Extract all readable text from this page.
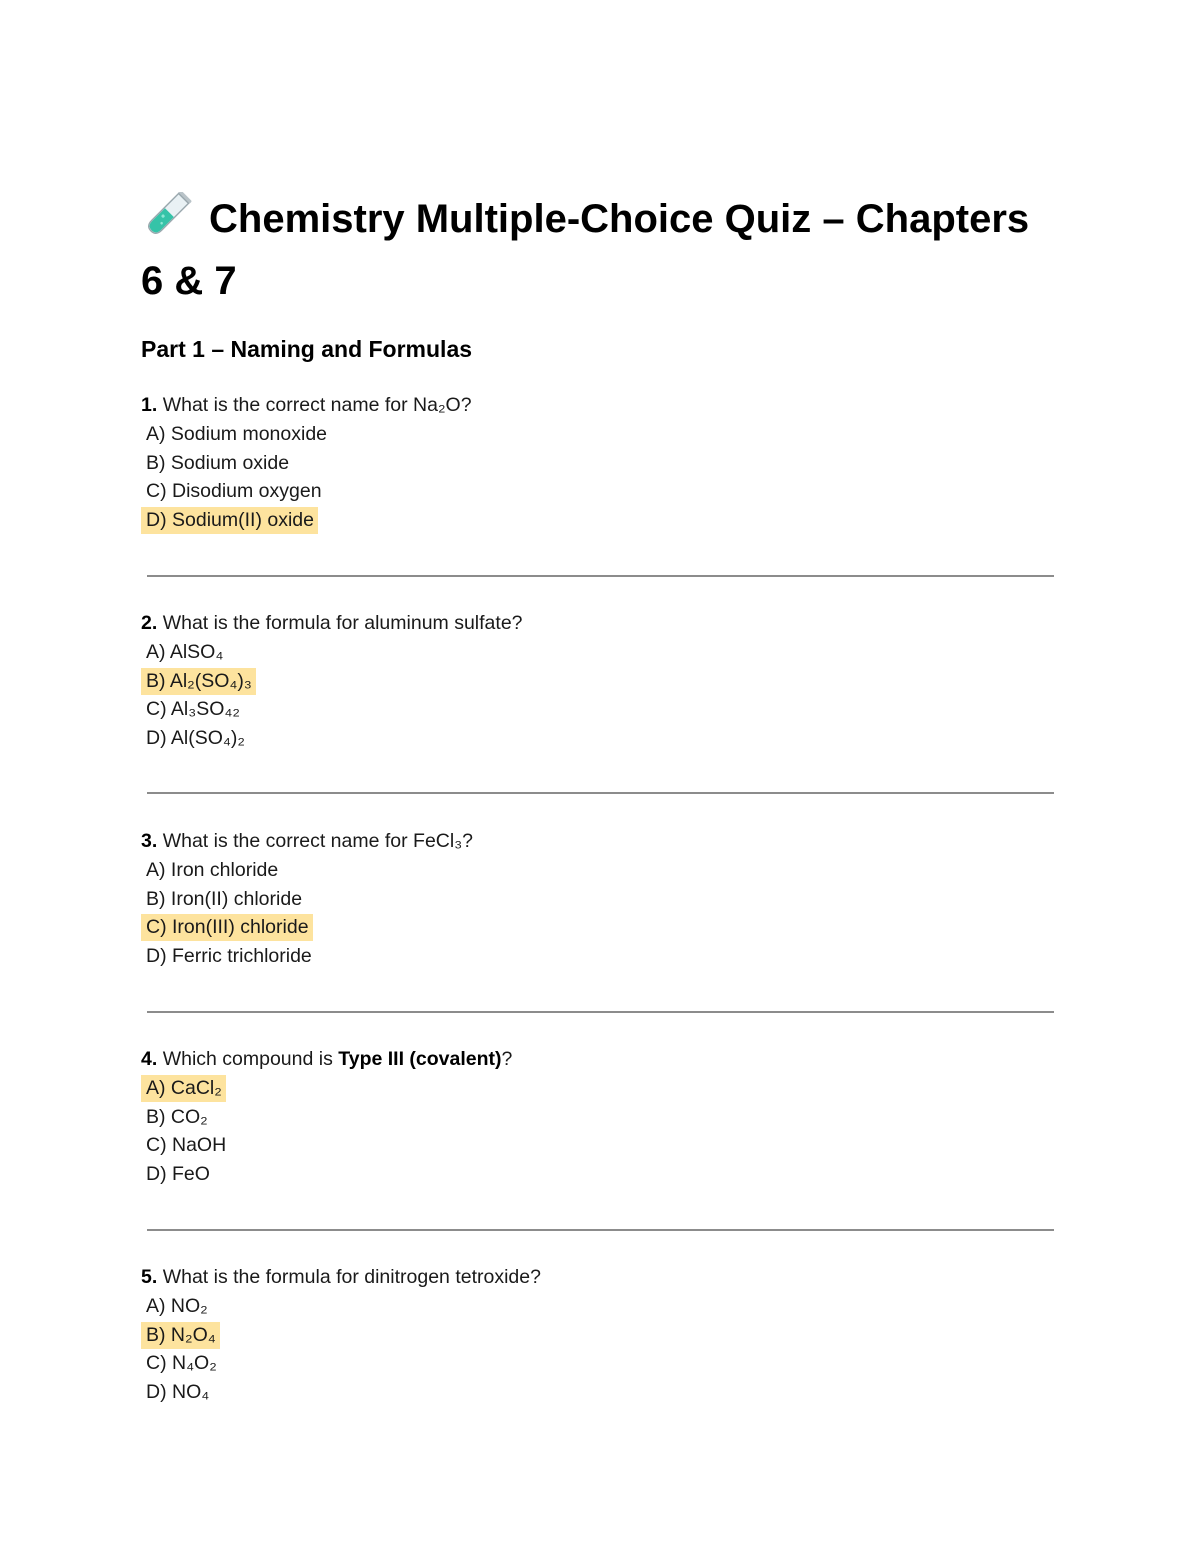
Chemistry Multiple-Choice Quiz – Chapters 6 & 7
Part 1 – Naming and Formulas
1. What is the correct name for Na₂O?
A) Sodium monoxide
B) Sodium oxide
C) Disodium oxygen
D) Sodium(II) oxide
2. What is the formula for aluminum sulfate?
A) AlSO₄
B) Al₂(SO₄)₃
C) Al₃SO₄₂
D) Al(SO₄)₂
3. What is the correct name for FeCl₃?
A) Iron chloride
B) Iron(II) chloride
C) Iron(III) chloride
D) Ferric trichloride
4. Which compound is Type III (covalent)?
A) CaCl₂
B) CO₂
C) NaOH
D) FeO
5. What is the formula for dinitrogen tetroxide?
A) NO₂
B) N₂O₄
C) N₄O₂
D) NO₄
